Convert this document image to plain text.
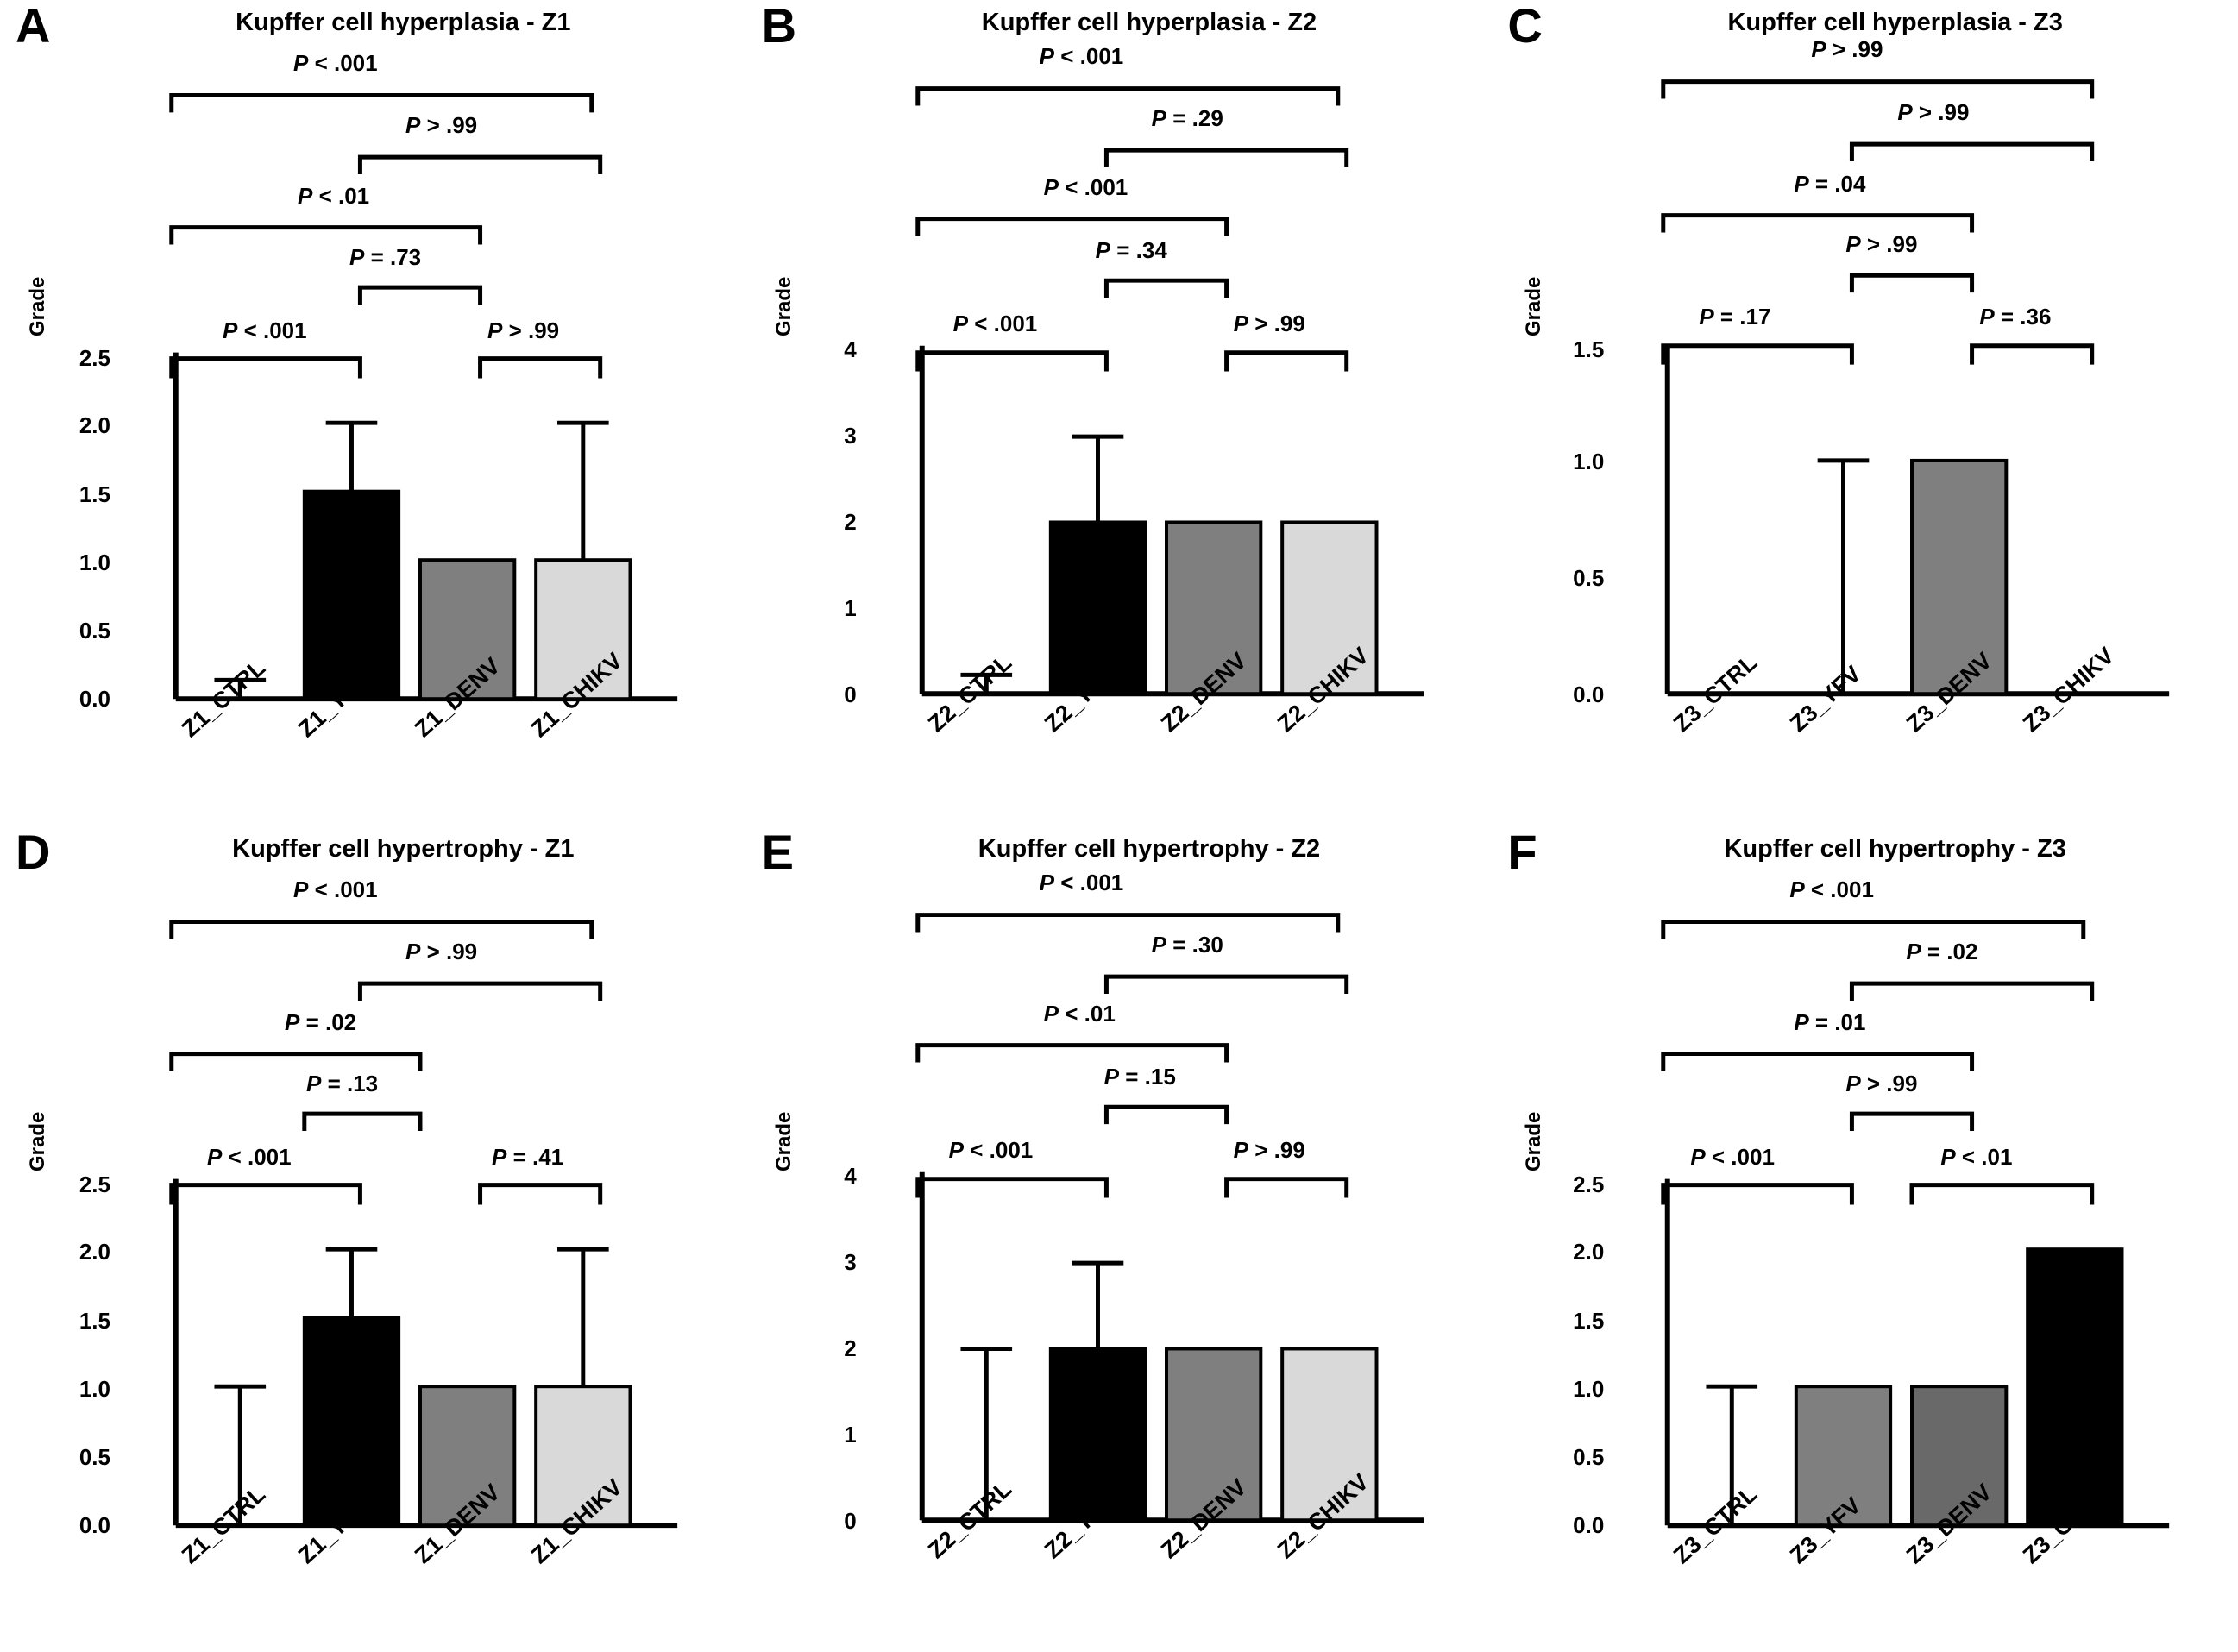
A	Kupffer cell hyperplasia - Z1
Grade
2.5
2.0
1.5
1.0
0.5
0.0
P < .001
P > .99
P < .01
P = .73
P < .001	P > .99
Z1_CTRL Z1_YFV Z1_DENV Z1_CHIKV
B	Kupffer cell hyperplasia - Z2
Grade
4
3
2
1
0
P < .001
P = .29
P < .001
P = .34
P < .001	P > .99
Z2_CTRL Z2_YFV Z2_DENV Z2_CHIKV
C	Kupffer cell hyperplasia - Z3
Grade
1.5
1.0
0.5
0.0
P > .99
P > .99
P = .04
P > .99
P = .17	P = .36
Z3_CTRL Z3_YFV Z3_DENV Z3_CHIKV
D	Kupffer cell hypertrophy - Z1
Grade
2.5
2.0
1.5
1.0
0.5
0.0
P < .001
P > .99
P = .02
P = .13
P < .001	P = .41
Z1_CTRL Z1_YFV Z1_DENV Z1_CHIKV
E	Kupffer cell hypertrophy - Z2
Grade
4
3
2
1
0
P < .001
P = .30
P < .01
P = .15
P < .001	P > .99
Z2_CTRL Z2_YFV Z2_DENV Z2_CHIKV
F	Kupffer cell hypertrophy - Z3
Grade
2.5
2.0
1.5
1.0
0.5
0.0
P < .001
P = .02
P = .01
P > .99
P < .001	P < .01
Z3_CTRL Z3_YFV Z3_DENV Z3_CHIKV
